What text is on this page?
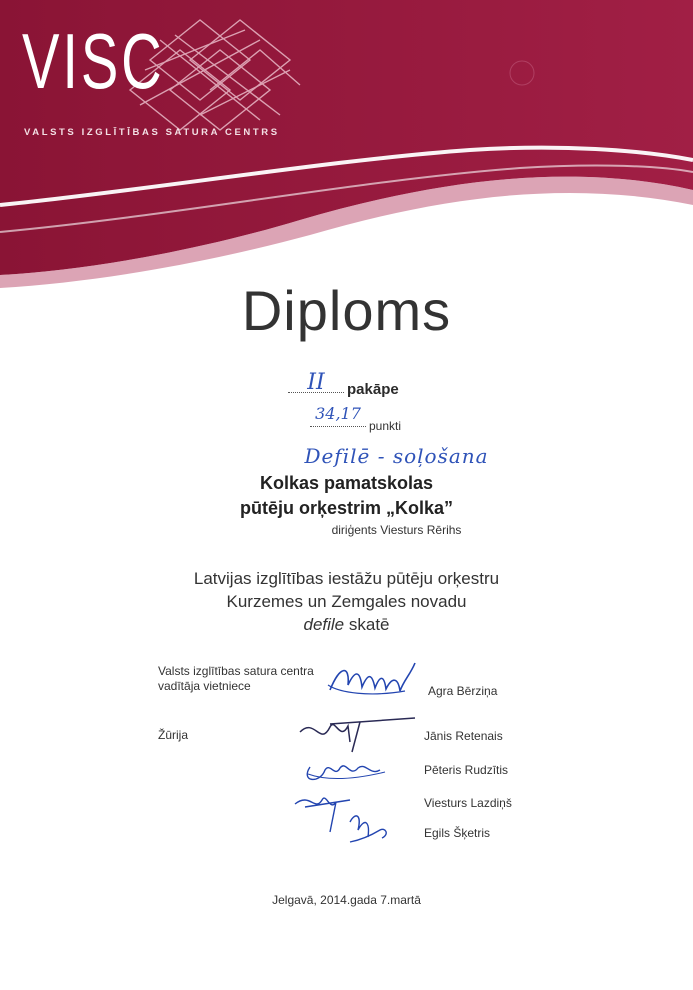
VISC
VALSTS IZGLĪTĪBAS SATURA CENTRS
Diploms
II	pakāpe
34,17
punkti
Defilē - soļošana
Kolkas pamatskolas
pūtēju orķestrim „Kolka”
diriģents Viesturs Rērihs
Latvijas izglītības iestāžu pūtēju orķestru
Kurzemes un Zemgales novadu
defile skatē
Valsts izglītības satura centra
vadītāja vietniece	Agra Bērziņa
Žūrija	Jānis Retenais
Pēteris Rudzītis
Viesturs Lazdiņš
Egils Šķetris
Jelgavā, 2014.gada 7.martā
